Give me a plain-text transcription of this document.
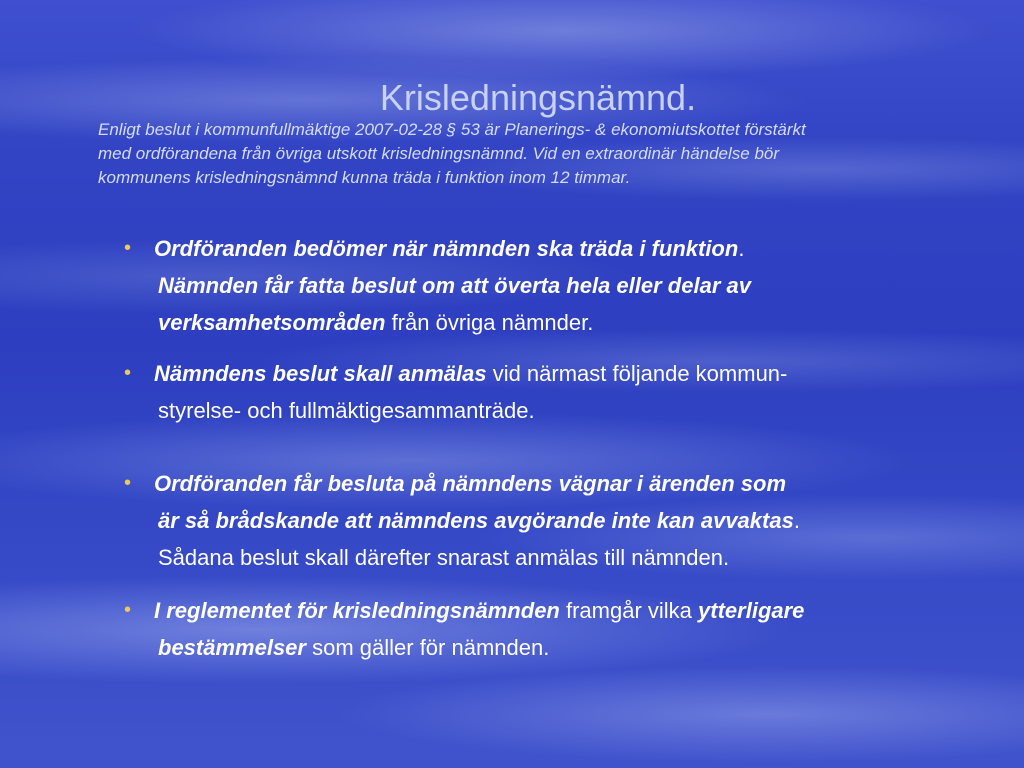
Krisledningsnämnd.

Enligt beslut i kommunfullmäktige 2007-02-28 § 53 är Planerings- & ekonomiutskottet förstärkt
med ordförandena från övriga utskott krisledningsnämnd. Vid en extraordinär händelse bör
kommunens krisledningsnämnd kunna träda i funktion inom 12 timmar.

• Ordföranden bedömer när nämnden ska träda i funktion.
Nämnden får fatta beslut om att överta hela eller delar av
verksamhetsområden från övriga nämnder.

• Nämndens beslut skall anmälas vid närmast följande kommun-
styrelse- och fullmäktigesammanträde.

• Ordföranden får besluta på nämndens vägnar i ärenden som
är så brådskande att nämndens avgörande inte kan avvaktas.
Sådana beslut skall därefter snarast anmälas till nämnden.

• I reglementet för krisledningsnämnden framgår vilka ytterligare
bestämmelser som gäller för nämnden.
